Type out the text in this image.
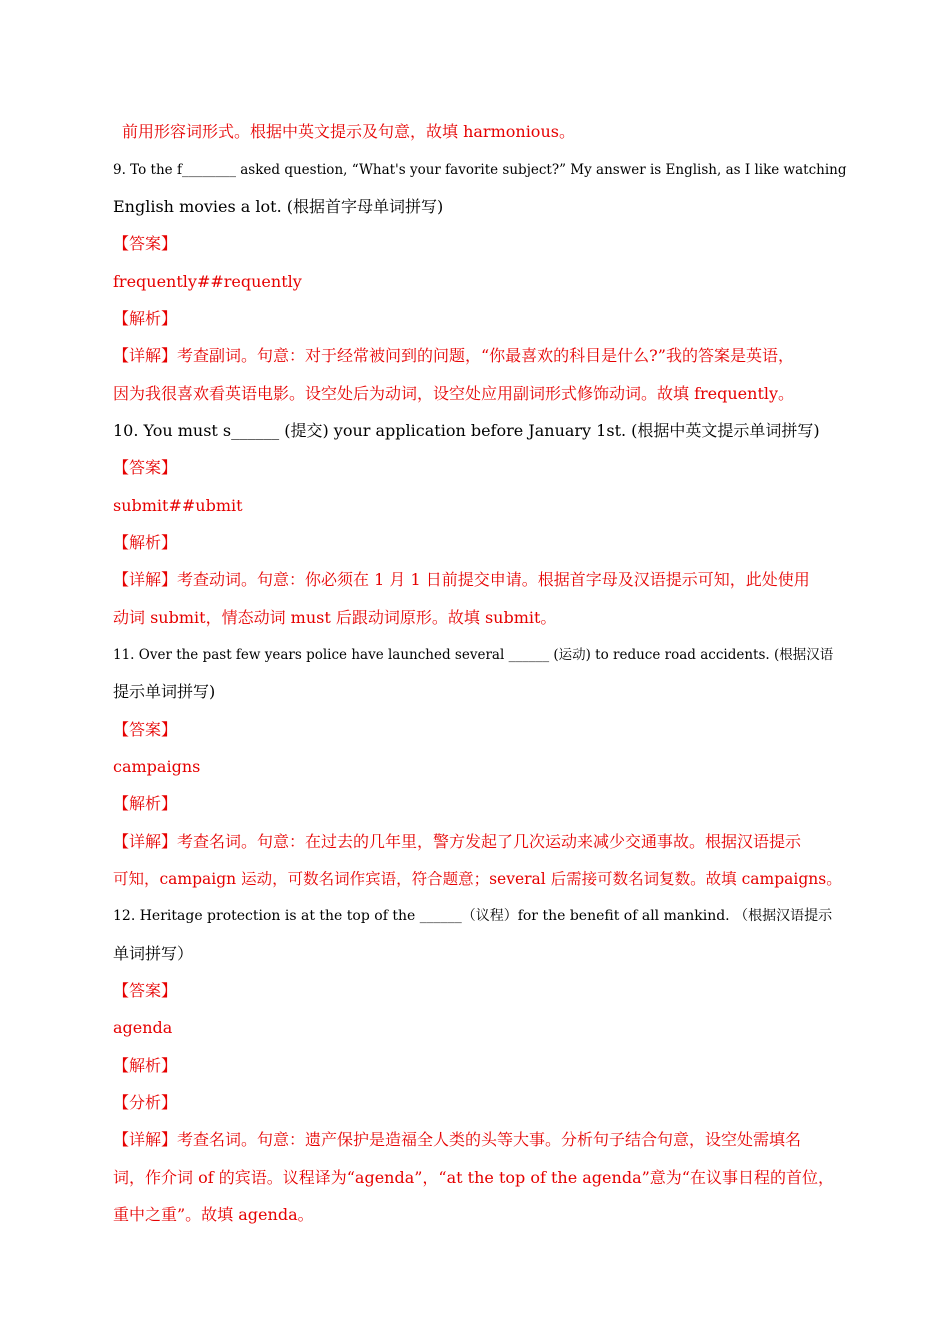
前用形容词形式。根据中英文提示及句意，故填 harmonious。
9. To the f________ asked question, “What's your favorite subject?” My answer is English, as I like watching
English movies a lot. (根据首字母单词拼写)
【答案】
frequently##requently
【解析】
【详解】考查副词。句意：对于经常被问到的问题，“你最喜欢的科目是什么?”我的答案是英语，
因为我很喜欢看英语电影。设空处后为动词，设空处应用副词形式修饰动词。故填 frequently。
10. You must s______ (提交) your application before January 1st. (根据中英文提示单词拼写)
【答案】
submit##ubmit
【解析】
【详解】考查动词。句意：你必须在 1 月 1 日前提交申请。根据首字母及汉语提示可知，此处使用
动词 submit，情态动词 must 后跟动词原形。故填 submit。
11. Over the past few years police have launched several ______ (运动) to reduce road accidents. (根据汉语
提示单词拼写)
【答案】
campaigns
【解析】
【详解】考查名词。句意：在过去的几年里，警方发起了几次运动来减少交通事故。根据汉语提示
可知，campaign 运动，可数名词作宾语，符合题意；several 后需接可数名词复数。故填 campaigns。
12. Heritage protection is at the top of the ______（议程）for the benefit of all mankind. （根据汉语提示
单词拼写）
【答案】
agenda
【解析】
【分析】
【详解】考查名词。句意：遗产保护是造福全人类的头等大事。分析句子结合句意，设空处需填名
词，作介词 of 的宾语。议程译为“agenda”，“at the top of the agenda”意为“在议事日程的首位，
重中之重”。故填 agenda。
